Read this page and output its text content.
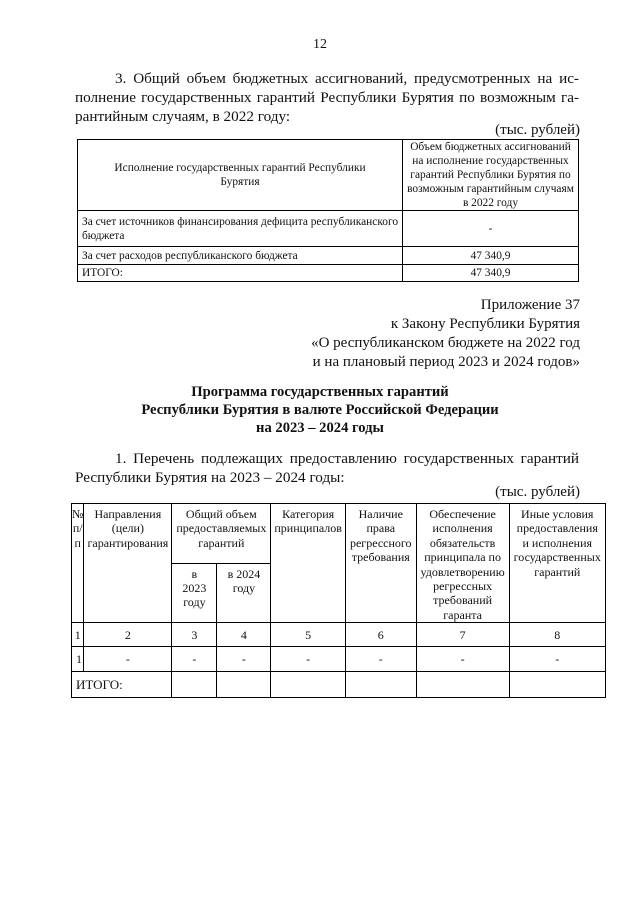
12
3. Общий объем бюджетных ассигнований, предусмотренных на ис-
полнение государственных гарантий Республики Бурятия по возможным га-
рантийным случаям, в 2022 году:
(тыс. рублей)
Исполнение государственных гарантий Республики Бурятия	Объем бюджетных ассигнований на исполнение государственных гарантий Республики Бурятия по возможным гарантийным случаям в 2022 году
За счет источников финансирования дефицита республиканского бюджета	-
За счет расходов республиканского бюджета	47 340,9
ИТОГО:	47 340,9
Приложение 37
к Закону Республики Бурятия
«О республиканском бюджете на 2022 год
и на плановый период 2023 и 2024 годов»
Программа государственных гарантий
Республики Бурятия в валюте Российской Федерации
на 2023 – 2024 годы
1. Перечень подлежащих предоставлению государственных гарантий
Республики Бурятия на 2023 – 2024 годы:
(тыс. рублей)
№ п/п	Направления (цели) гарантирования	Общий объем предоставляемых гарантий		Категория принципалов	Наличие права регрессного требования	Обеспечение исполнения обязательств принципала по удовлетворению регрессных требований гаранта	Иные условия предоставления и исполнения государственных гарантий
		в 2023 году	в 2024 году				
1	2	3	4	5	6	7	8
1	-	-	-	-	-	-	-
ИТОГО:							
